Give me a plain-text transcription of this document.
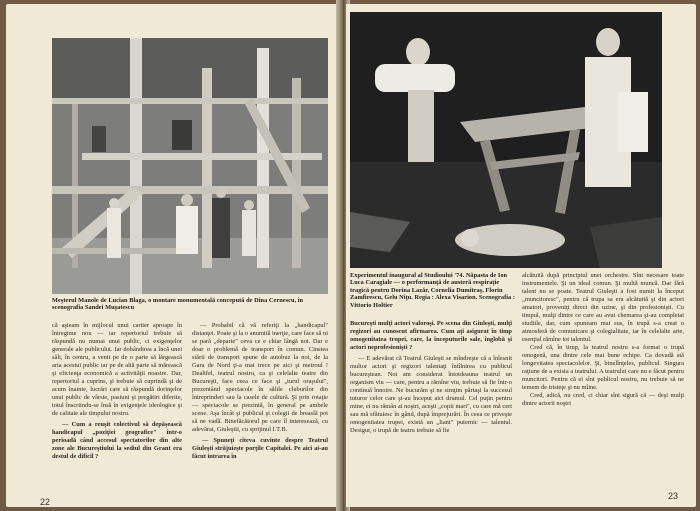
Meşterul Manole de Lucian Blaga, o montare monumentală concepută de Dina Cernescu, în scenografia Sandei Muşatescu

că aşteam în mijlocul unui cartier aproape în întregime nou — iar repertoriul trebuie să răspundă nu numai unui public, ci exigenţelor generale ale publicului. Iar dobândirea a încă unei săli, în centru, a venit pe de o parte să lărgească aria acestui public iar pe de altă parte să mărească şi eficienţa economică a activităţii noastre. Dar, repertoriul a cuprins, şi trebuie să cuprindă şi de acum înainte, lucrări care să răspundă dorinţelor unui public de vârste, pasiuni şi pregătiri diferite, totul înscriindu-se însă în exigenţele ideologice şi de calitate ale timpului nostru.

— Cum a reuşit colectivul să depăşească handicapul „poziţiei geografice" într-o perioadă când accesul spectatorilor din alte zone ale Bucureştiului la sediul din Grant era destul de dificil ?

— Probabil că vă referiţi la „handicapul" distanţei. Poate şi la o anumită inerţie, care face să ni se pară „departe" ceva ce e chiar lângă noi. Dar e doar o problemă de transport în comun. Cinstea stării de transport spune de autobuz la noi, de la Gara de Nord ţi-a mai trece pe aici şi metroul ! Dealtfel, teatrul nostru, ca şi celelalte teatre din Bucureşti, face ceea ce face şi „turul oraşului", prezentând spectacole în sălile cluburilor din întreprinderi sau la casele de cultură. Şi prin rotaţie — spectacole se prezintă, în general pe ambele scene. Aşa încât şi publicul şi colegii de breaslă pot să ne vadă. Binefăcătorul pe care îl interesează, cu adevărat, Giuleştii, cu sprijinul I.T.B.

— Spuneţi cîteva cuvinte despre Teatrul Giuleşti străjuiește porţile Capitalei. Pe aici ai-au făcut intrarea în

22
Experimentul inaugural al Studioului '74. Năpasta de Ion Luca Caragiale — o performanţă de austeră respiraţie tragică pentru Dorina Lazăr, Cornelia Dumitraş, Florin Zamfirescu, Gelu Niţu. Regia : Alexa Visarion. Scenografia : Vittorio Holtier

Bucureşti mulţi actori valoroşi. Pe scena din Giuleşti, mulţi regizori au cunoscut afirmarea. Cum aţi asigurat în timp omogenitatea trupei, care, la începuturile sale, înglobă şi actori neprofesionişti ?

— E adevărat că Teatrul Giuleşti se mîndreşte că a înlesnit multor actori şi regizori talentaţi întîlnirea cu publicul bucureştean. Noi am considerat întotdeauna teatrul un organism viu — care, pentru a rămîne viu, trebuie să fie într-o continuă înnoire. Ne bucurăm şi ne simţim părtaşi la succesul tuturor celor care şi-au început aici drumul. Cel puţin pentru mine, ei nu rămân ai noştri, aceşti „copii mari", cu care mă cert sau mă sfătuiesc în gând, după împrejurări. În ceea ce priveşte omogenitatea trupei, există un „liant" puternic — talentul. Desigur, o trupă de teatru trebuie să fie

alcătuită după principiul unei orchestre. Sînt necesare toate instrumentele. Şi un ideal comun. Şi multă muncă. Dar fără talent nu se poate. Teatrul Giuleşti a fost numit la început „muncitoresc", pentru că trupa sa era alcătuită şi din actori amatori, proveniţi direct din uzine, şi din profesionişti. Cu timpul, mulţi dintre ce care au avut chemarea şi-au completat studiile, dar, cum spuneam mai sus, în trupă s-a creat o atmosferă de comunicare şi colegialitate, iar în celelalte arte, esenţial rămîne tot talentul.

Cred că, în timp, la teatrul nostru s-a format o trupă omogenă, una dintre cele mai bune echipe. Ca dovadă stă longevitatea spectacolelor. Şi, binelînţeles, publicul. Singura raţiune de a exista a teatrului. A teatrului care nu e făcut pentru muncitori. Pentru că ei sînt publicul nostru, nu trebuie să ne temem de tristeţe şi nu mîine.

Cred, adică, nu cred, ci chiar sînt sigură că — deşi mulţi dintre actorii noştri

23
